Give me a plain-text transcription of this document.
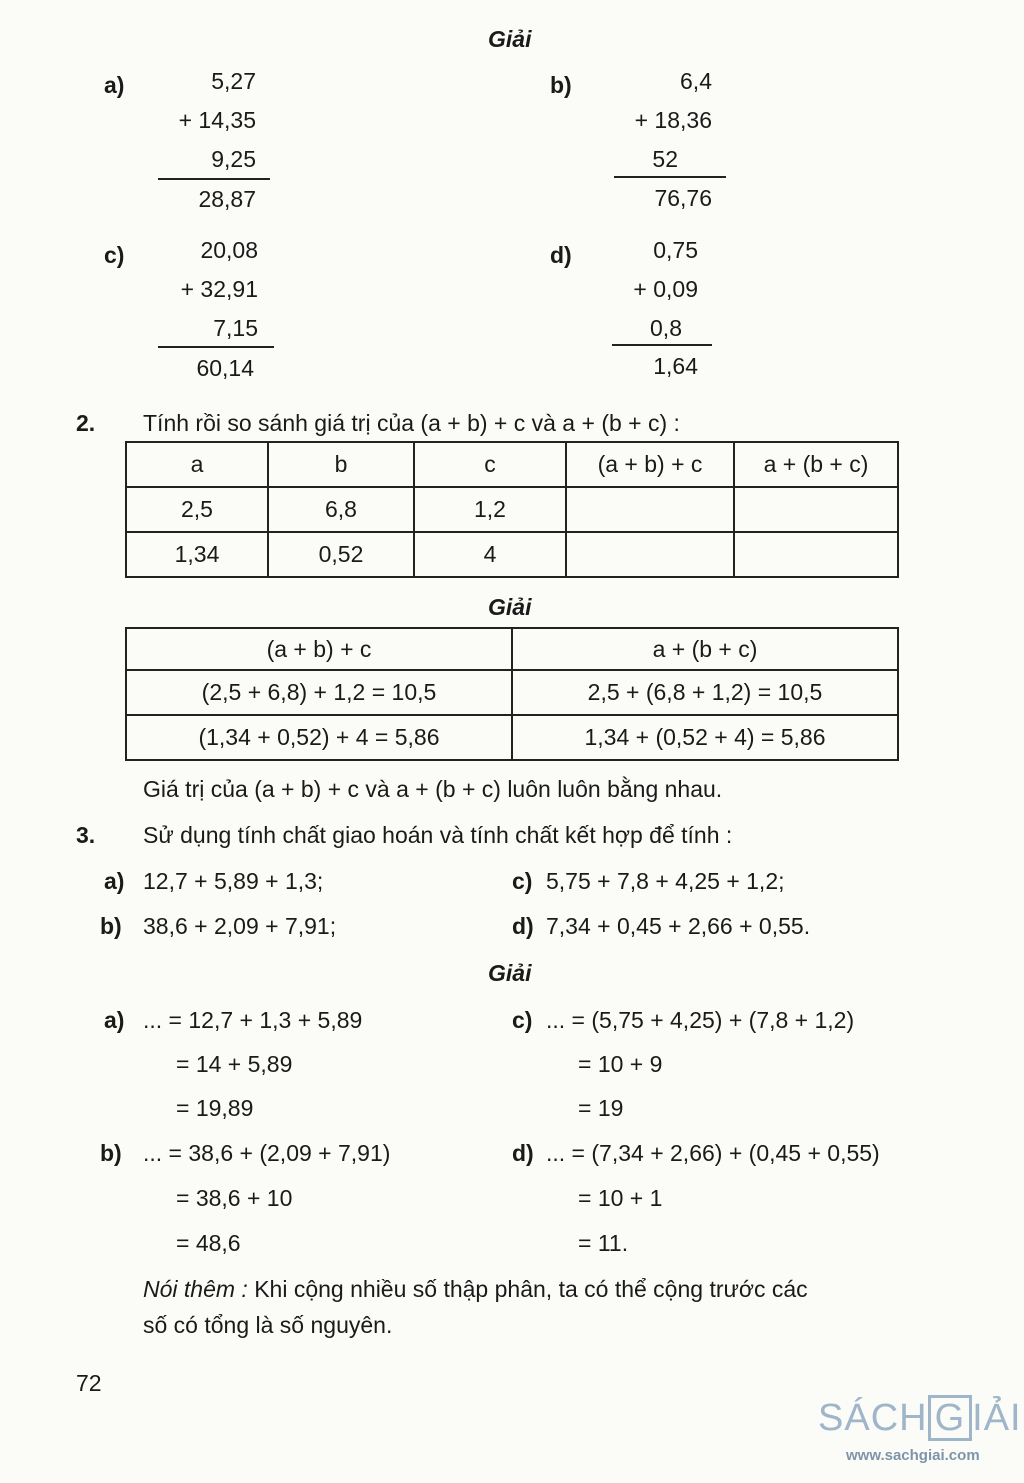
Giải
a)	5,27
+ 14,35
9,25
28,87
b)	6,4
+ 18,36
52
76,76
c)	20,08
+ 32,91
7,15
60,14
d)	0,75
+ 0,09
0,8
1,64
2. Tính rồi so sánh giá trị của (a + b) + c và a + (b + c) :
a	b	c	(a + b) + c	a + (b + c)
2,5	6,8	1,2		
1,34	0,52	4		
Giải
(a + b) + c	a + (b + c)
(2,5 + 6,8) + 1,2 = 10,5	2,5 + (6,8 + 1,2) = 10,5
(1,34 + 0,52) + 4 = 5,86	1,34 + (0,52 + 4) = 5,86
Giá trị của (a + b) + c và a + (b + c) luôn luôn bằng nhau.
3. Sử dụng tính chất giao hoán và tính chất kết hợp để tính :
a) 12,7 + 5,89 + 1,3;	c) 5,75 + 7,8 + 4,25 + 1,2;
b) 38,6 + 2,09 + 7,91;	d) 7,34 + 0,45 + 2,66 + 0,55.
Giải
a) ... = 12,7 + 1,3 + 5,89
= 14 + 5,89
= 19,89
c) ... = (5,75 + 4,25) + (7,8 + 1,2)
= 10 + 9
= 19
b) ... = 38,6 + (2,09 + 7,91)
= 38,6 + 10
= 48,6
d) ... = (7,34 + 2,66) + (0,45 + 0,55)
= 10 + 1
= 11.
Nói thêm : Khi cộng nhiều số thập phân, ta có thể cộng trước các
số có tổng là số nguyên.
72
SÁCH G IẢI
www.sachgiai.com
